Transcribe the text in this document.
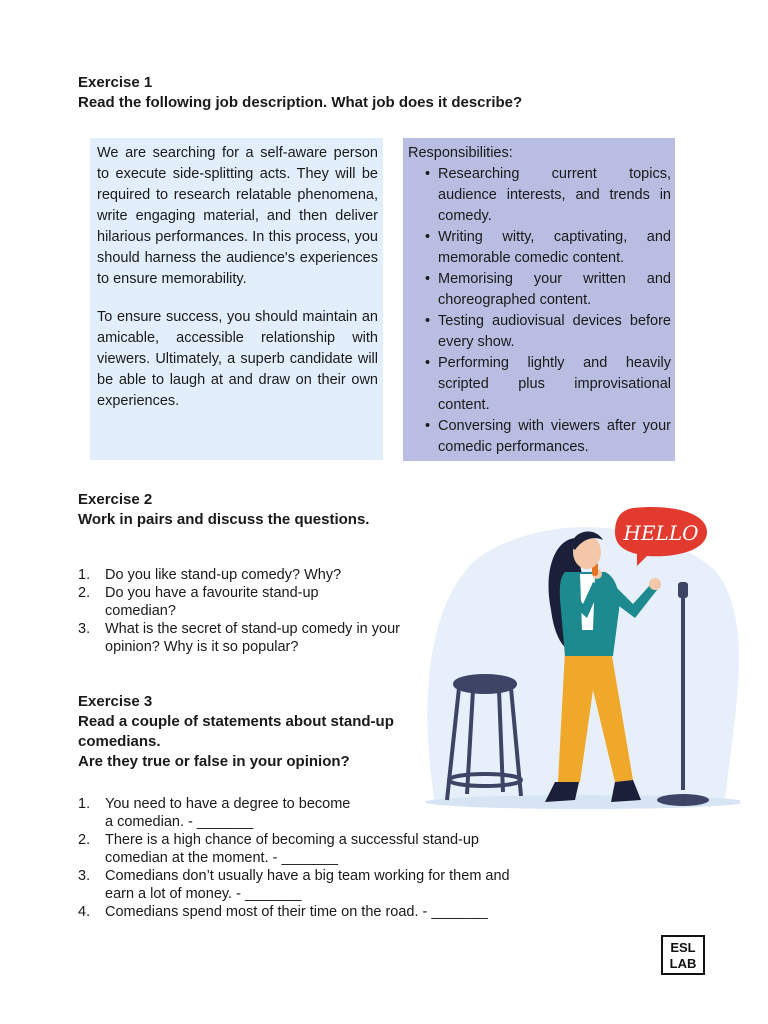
Exercise 1
Read the following job description. What job does it describe?

We are searching for a self-aware person to execute side-splitting acts. They will be required to research relatable phenomena, write engaging material, and then deliver hilarious performances. In this process, you should harness the audience's experiences to ensure memorability.

To ensure success, you should maintain an amicable, accessible relationship with viewers. Ultimately, a superb candidate will be able to laugh at and draw on their own experiences.

Responsibilities:
• Researching current topics, audience interests, and trends in comedy.
• Writing witty, captivating, and memorable comedic content.
• Memorising your written and choreographed content.
• Testing audiovisual devices before every show.
• Performing lightly and heavily scripted plus improvisational content.
• Conversing with viewers after your comedic performances.
Exercise 2
Work in pairs and discuss the questions.
1. Do you like stand-up comedy? Why?
2. Do you have a favourite stand-up comedian?
3. What is the secret of stand-up comedy in your opinion? Why is it so popular?
Exercise 3
Read a couple of statements about stand-up
comedians.
Are they true or false in your opinion?
1. You need to have a degree to become
a comedian. - _______
2. There is a high chance of becoming a successful stand-up
comedian at the moment. - _______
3. Comedians don’t usually have a big team working for them and
earn a lot of money. - _______
4. Comedians spend most of their time on the road. - _______
HELLO
ESL
LAB
